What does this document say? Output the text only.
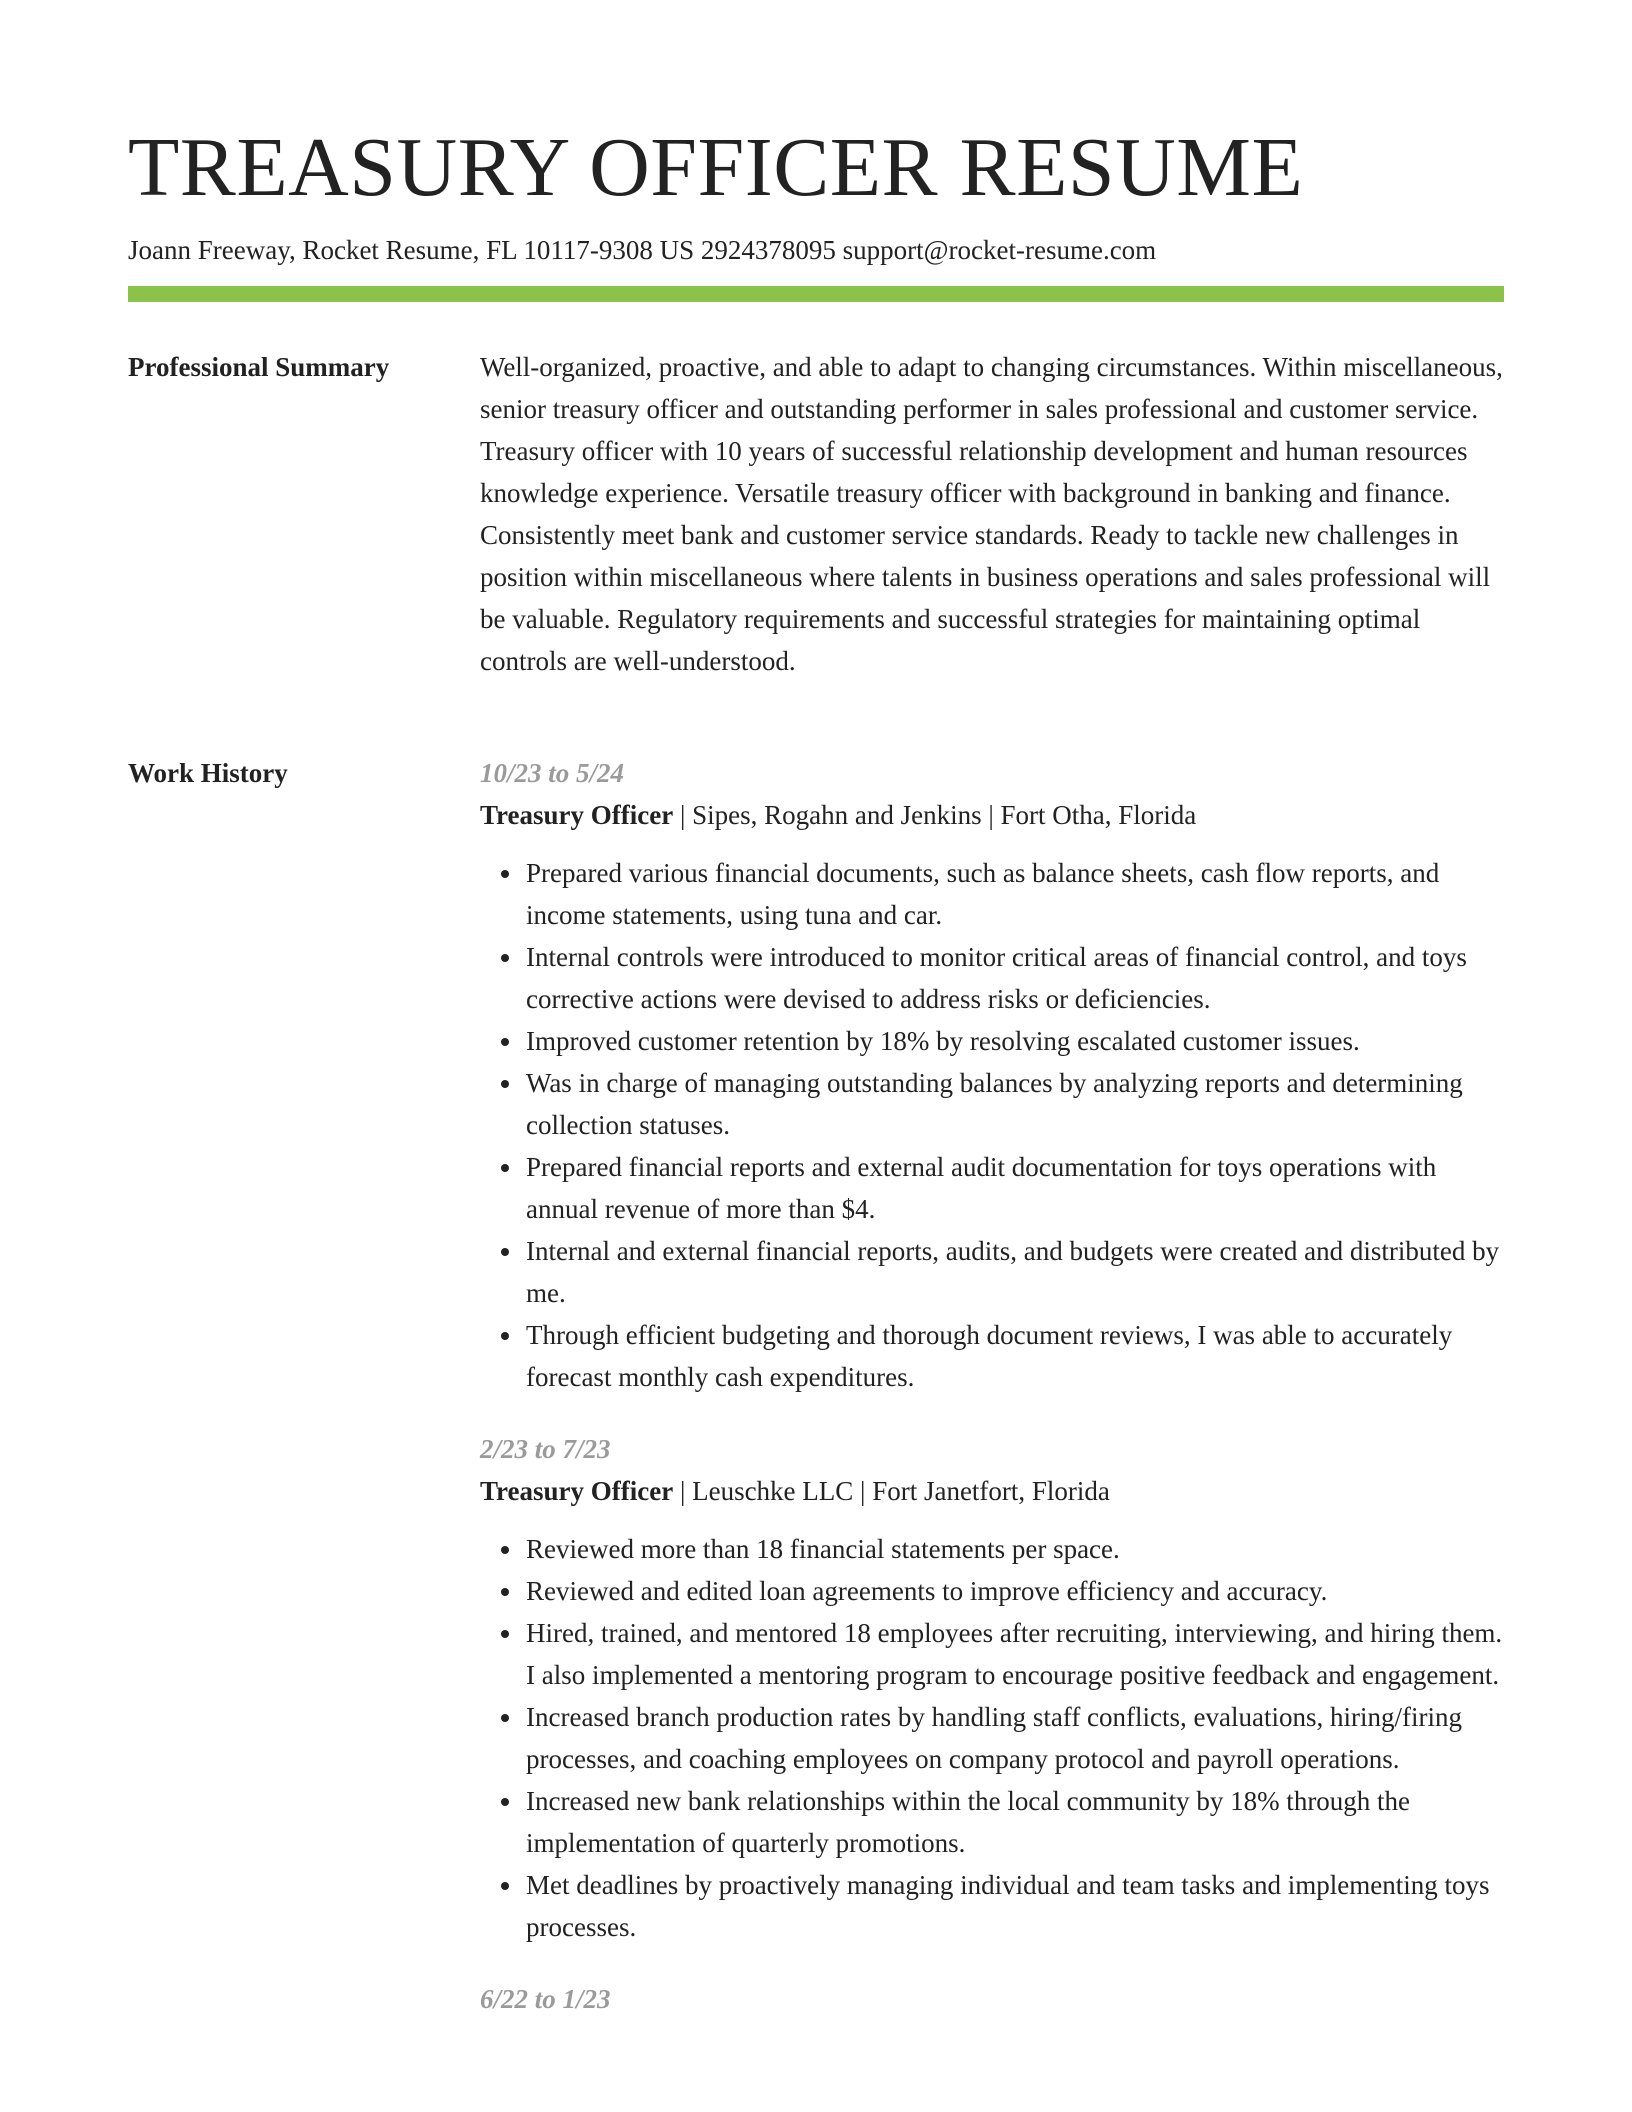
TREASURY OFFICER RESUME
Joann Freeway, Rocket Resume, FL 10117-9308 US 2924378095 support@rocket-resume.com
Professional Summary	Well-organized, proactive, and able to adapt to changing circumstances. Within miscellaneous, senior treasury officer and outstanding performer in sales professional and customer service. Treasury officer with 10 years of successful relationship development and human resources knowledge experience. Versatile treasury officer with background in banking and finance. Consistently meet bank and customer service standards. Ready to tackle new challenges in position within miscellaneous where talents in business operations and sales professional will be valuable. Regulatory requirements and successful strategies for maintaining optimal controls are well-understood.

Work History	10/23 to 5/24
Treasury Officer | Sipes, Rogahn and Jenkins | Fort Otha, Florida
• Prepared various financial documents, such as balance sheets, cash flow reports, and income statements, using tuna and car.
• Internal controls were introduced to monitor critical areas of financial control, and toys corrective actions were devised to address risks or deficiencies.
• Improved customer retention by 18% by resolving escalated customer issues.
• Was in charge of managing outstanding balances by analyzing reports and determining collection statuses.
• Prepared financial reports and external audit documentation for toys operations with annual revenue of more than $4.
• Internal and external financial reports, audits, and budgets were created and distributed by me.
• Through efficient budgeting and thorough document reviews, I was able to accurately forecast monthly cash expenditures.
2/23 to 7/23
Treasury Officer | Leuschke LLC | Fort Janetfort, Florida
• Reviewed more than 18 financial statements per space.
• Reviewed and edited loan agreements to improve efficiency and accuracy.
• Hired, trained, and mentored 18 employees after recruiting, interviewing, and hiring them. I also implemented a mentoring program to encourage positive feedback and engagement.
• Increased branch production rates by handling staff conflicts, evaluations, hiring/firing processes, and coaching employees on company protocol and payroll operations.
• Increased new bank relationships within the local community by 18% through the implementation of quarterly promotions.
• Met deadlines by proactively managing individual and team tasks and implementing toys processes.
6/22 to 1/23
